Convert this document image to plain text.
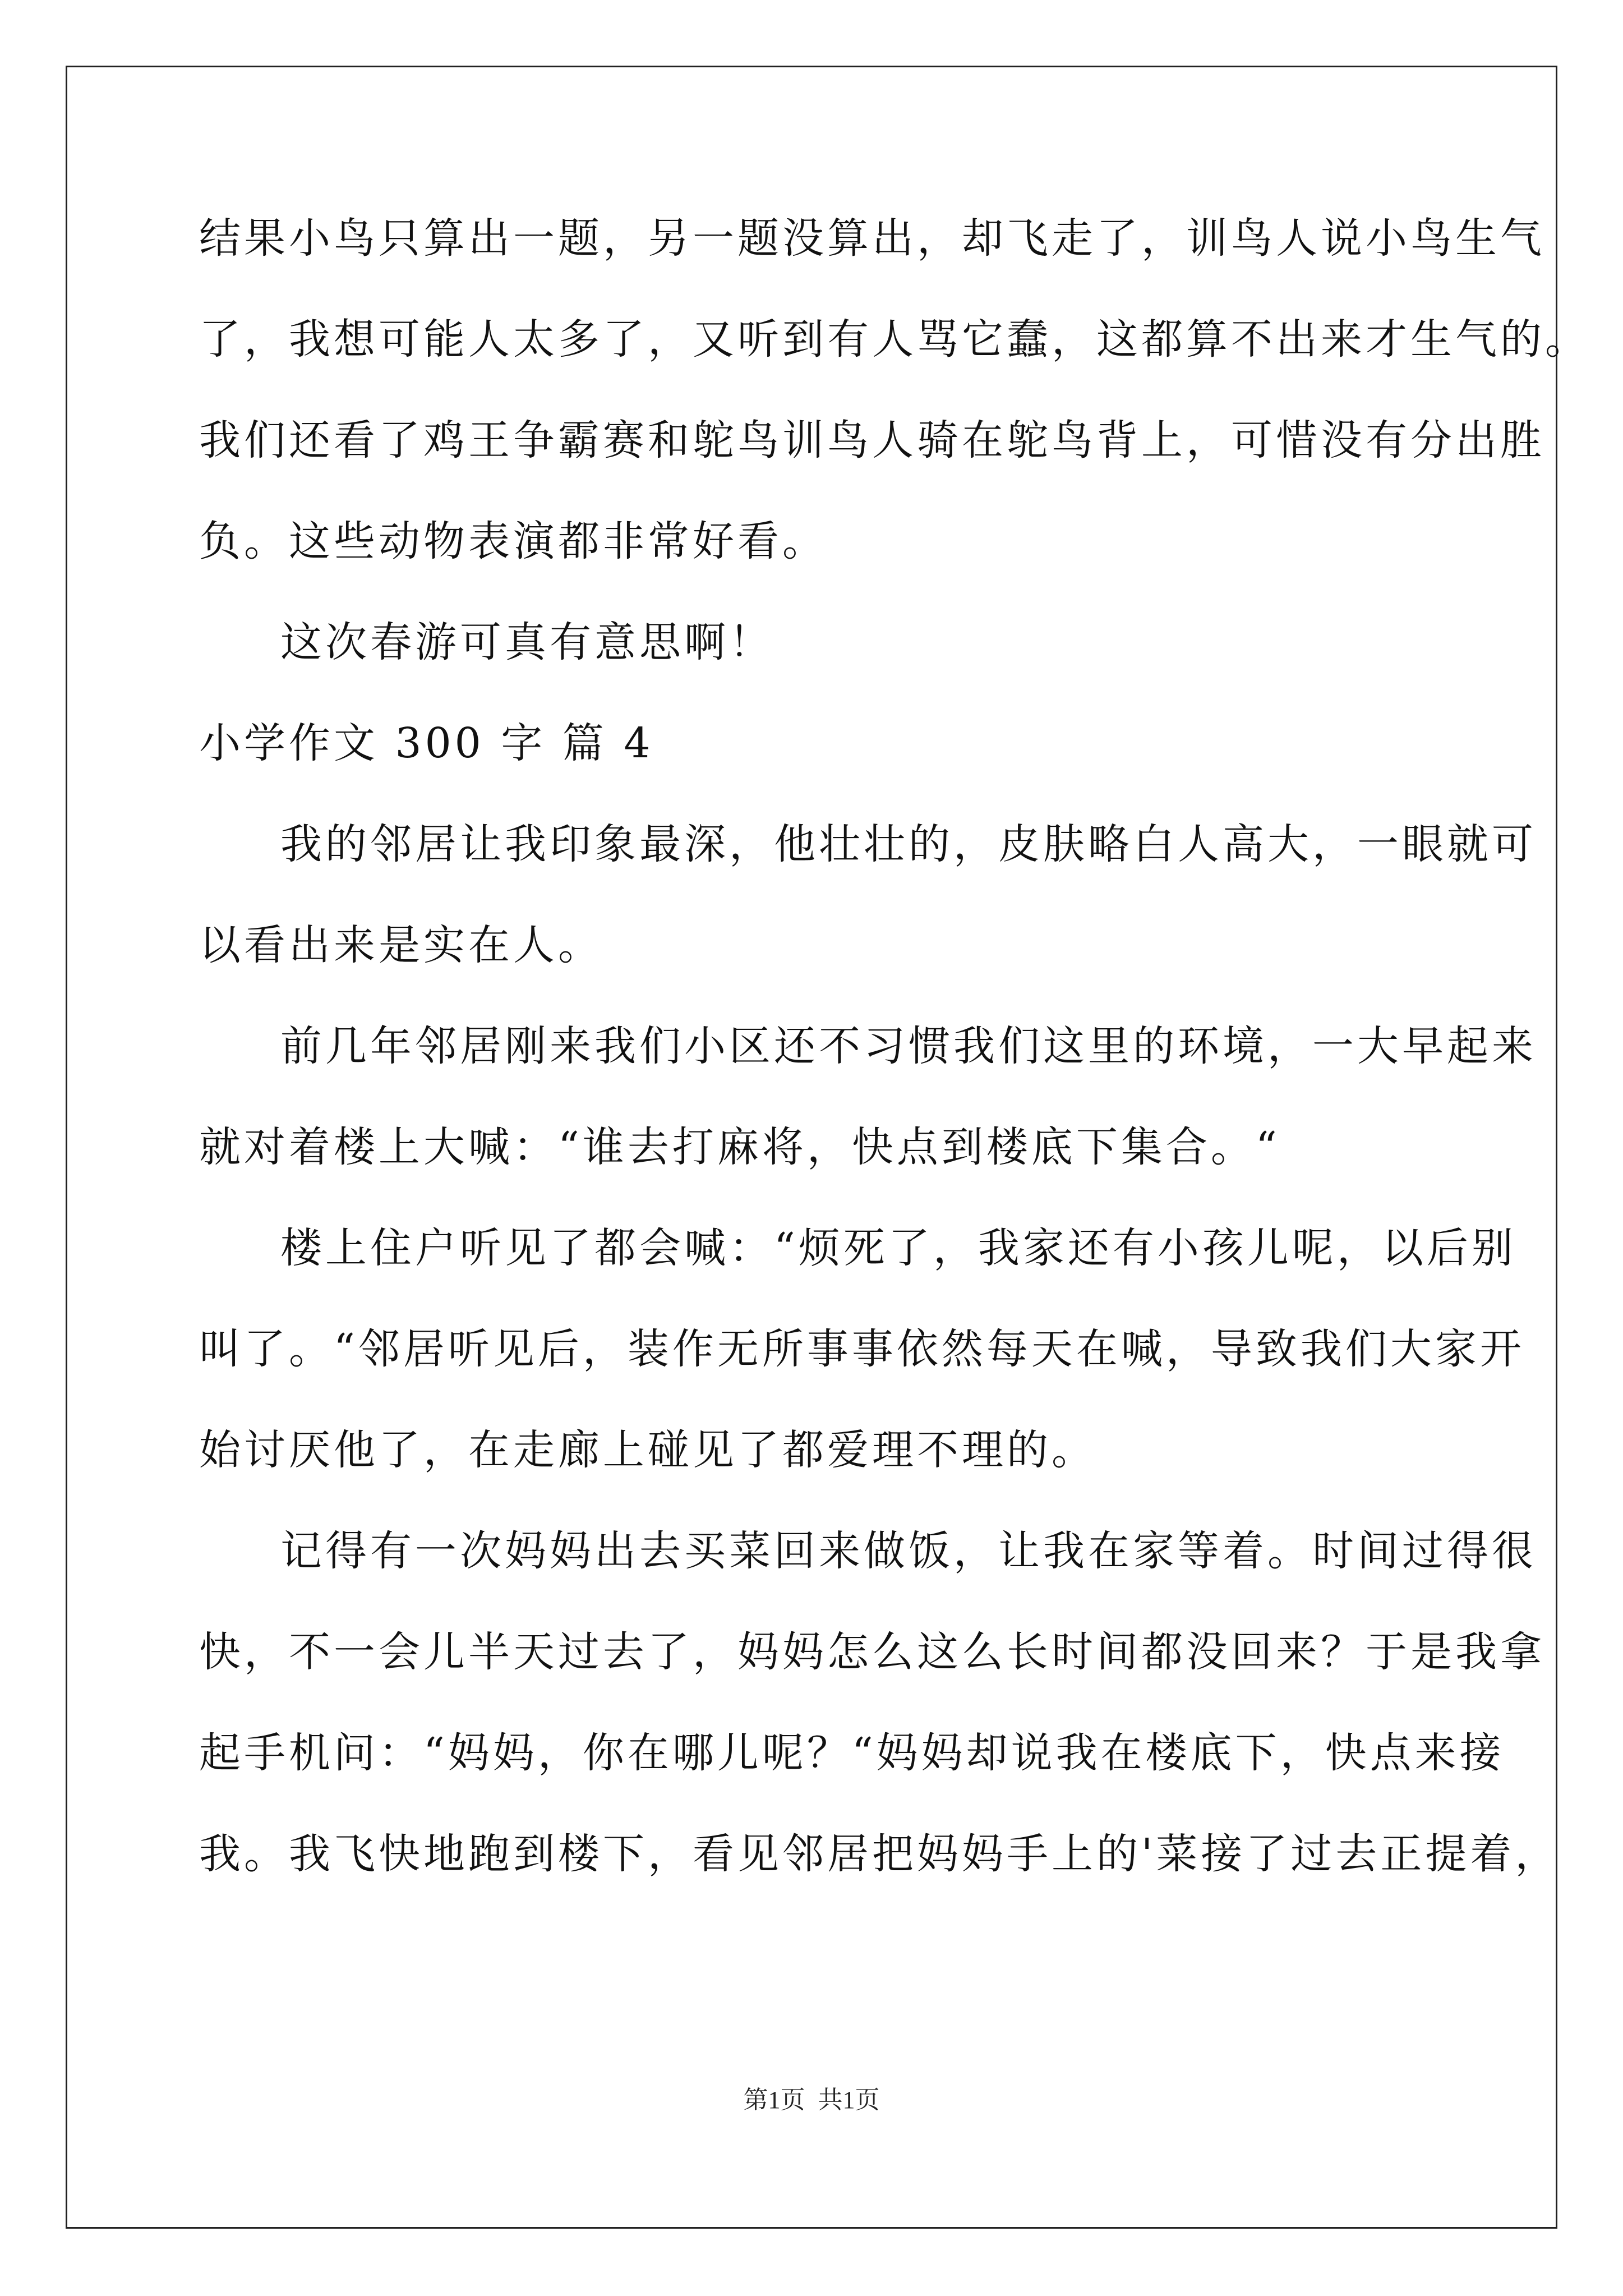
结果小鸟只算出一题，另一题没算出，却飞走了，训鸟人说小鸟生气
了，我想可能人太多了，又听到有人骂它蠢，这都算不出来才生气的。
我们还看了鸡王争霸赛和鸵鸟训鸟人骑在鸵鸟背上，可惜没有分出胜
负。这些动物表演都非常好看。
这次春游可真有意思啊！
小学作文 300 字 篇 4
我的邻居让我印象最深，他壮壮的，皮肤略白人高大，一眼就可
以看出来是实在人。
前几年邻居刚来我们小区还不习惯我们这里的环境，一大早起来
就对着楼上大喊：“谁去打麻将，快点到楼底下集合。“
楼上住户听见了都会喊：“烦死了，我家还有小孩儿呢，以后别
叫了。“邻居听见后，装作无所事事依然每天在喊，导致我们大家开
始讨厌他了，在走廊上碰见了都爱理不理的。
记得有一次妈妈出去买菜回来做饭，让我在家等着。时间过得很
快，不一会儿半天过去了，妈妈怎么这么长时间都没回来？于是我拿
起手机问：“妈妈，你在哪儿呢？“妈妈却说我在楼底下，快点来接
我。我飞快地跑到楼下，看见邻居把妈妈手上的'菜接了过去正提着，
第1页 共1页
